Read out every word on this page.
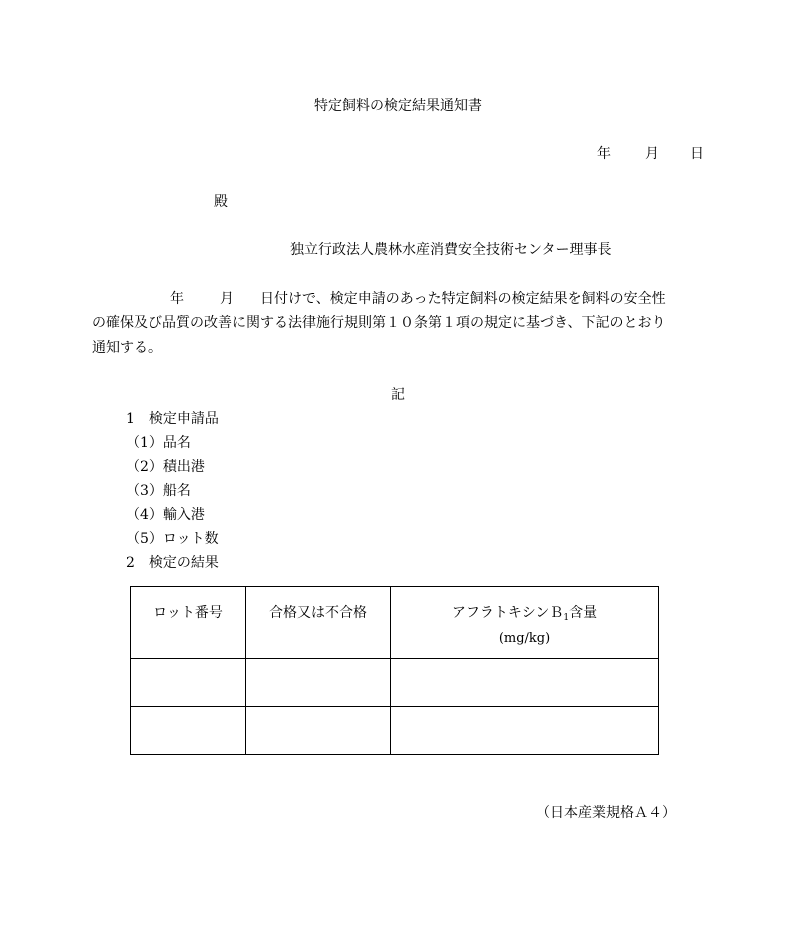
特定飼料の検定結果通知書
年 月 日
殿
独立行政法人農林水産消費安全技術センター理事長
年	月 日付けで、検定申請のあった特定飼料の検定結果を飼料の安全性
の確保及び品質の改善に関する法律施行規則第１０条第１項の規定に基づき、下記のとおり
通知する。
記
1　検定申請品
（1）品名
（2）積出港
（3）船名
（4）輸入港
（5）ロット数
2　検定の結果
ロット番号	合格又は不合格	アフラトキシンＢ$_1$含量
(mg/kg)

（日本産業規格Ａ４）
